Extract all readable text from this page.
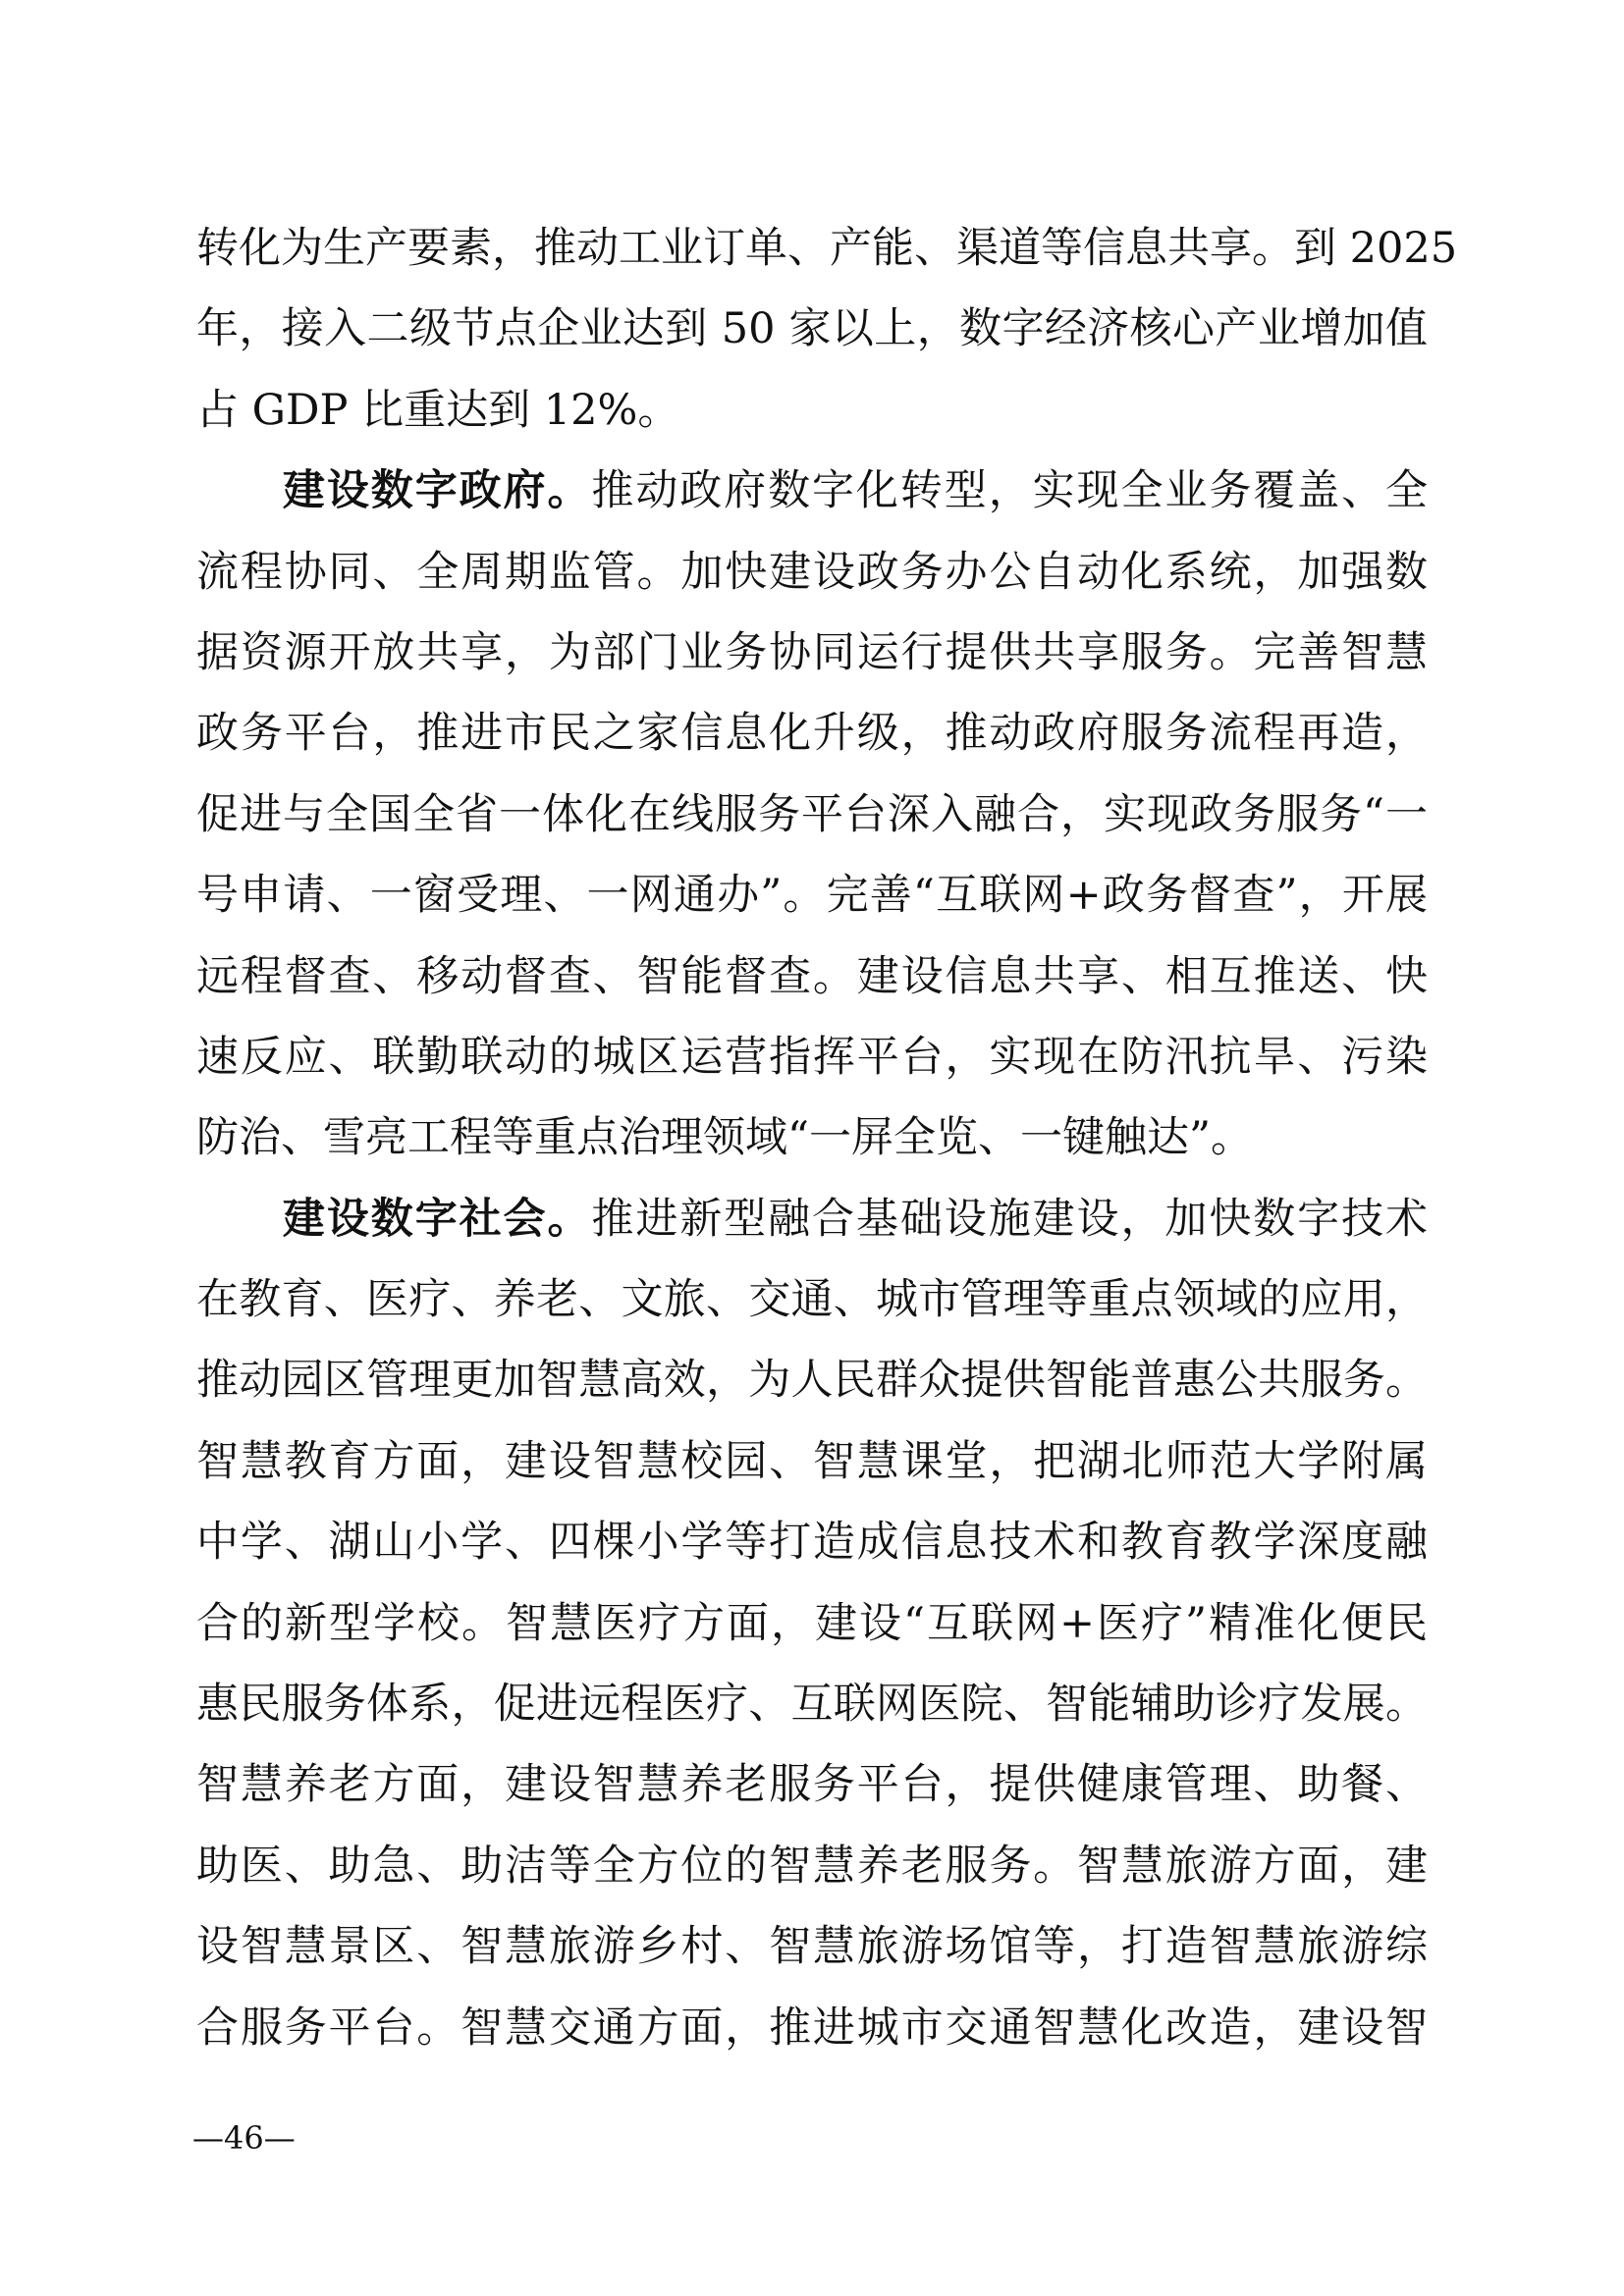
转化为生产要素，推动工业订单、产能、渠道等信息共享。到 2025
年，接入二级节点企业达到 50 家以上，数字经济核心产业增加值
占 GDP 比重达到 12%。
建设数字政府。推动政府数字化转型，实现全业务覆盖、全
流程协同、全周期监管。加快建设政务办公自动化系统，加强数
据资源开放共享，为部门业务协同运行提供共享服务。完善智慧
政务平台，推进市民之家信息化升级，推动政府服务流程再造，
促进与全国全省一体化在线服务平台深入融合，实现政务服务“一
号申请、一窗受理、一网通办”。完善“互联网+政务督查”，开展
远程督查、移动督查、智能督查。建设信息共享、相互推送、快
速反应、联勤联动的城区运营指挥平台，实现在防汛抗旱、污染
防治、雪亮工程等重点治理领域“一屏全览、一键触达”。
建设数字社会。推进新型融合基础设施建设，加快数字技术
在教育、医疗、养老、文旅、交通、城市管理等重点领域的应用，
推动园区管理更加智慧高效，为人民群众提供智能普惠公共服务。
智慧教育方面，建设智慧校园、智慧课堂，把湖北师范大学附属
中学、湖山小学、四棵小学等打造成信息技术和教育教学深度融
合的新型学校。智慧医疗方面，建设“互联网+医疗”精准化便民
惠民服务体系，促进远程医疗、互联网医院、智能辅助诊疗发展。
智慧养老方面，建设智慧养老服务平台，提供健康管理、助餐、
助医、助急、助洁等全方位的智慧养老服务。智慧旅游方面，建
设智慧景区、智慧旅游乡村、智慧旅游场馆等，打造智慧旅游综
合服务平台。智慧交通方面，推进城市交通智慧化改造，建设智
—46—
